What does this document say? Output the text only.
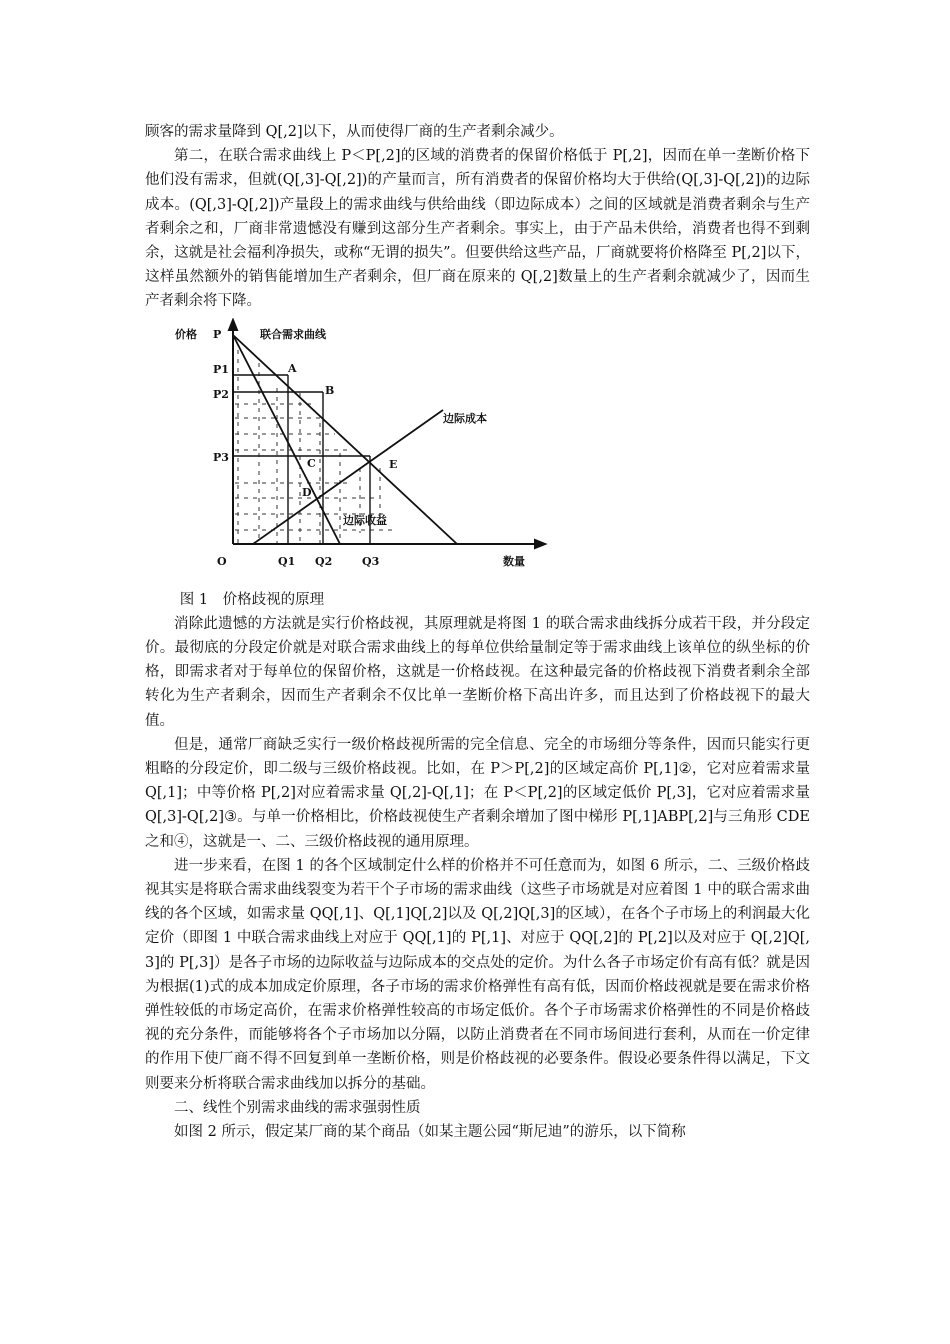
顾客的需求量降到 Q[,2]以下，从而使得厂商的生产者剩余减少。

第二，在联合需求曲线上 P＜P[,2]的区域的消费者的保留价格低于 P[,2]，因而在单一垄断价格下他们没有需求，但就(Q[,3]-Q[,2])的产量而言，所有消费者的保留价格均大于供给(Q[,3]-Q[,2])的边际成本。(Q[,3]-Q[,2])产量段上的需求曲线与供给曲线（即边际成本）之间的区域就是消费者剩余与生产者剩余之和，厂商非常遗憾没有赚到这部分生产者剩余。事实上，由于产品未供给，消费者也得不到剩余，这就是社会福利净损失，或称“无谓的损失”。但要供给这些产品，厂商就要将价格降至 P[,2]以下，这样虽然额外的销售能增加生产者剩余，但厂商在原来的 Q[,2]数量上的生产者剩余就减少了，因而生产者剩余将下降。

价格 P
P1
P2
P3
O	Q1 Q2	Q3	数量
联合需求曲线
边际成本
边际收益
A
B
C
D
E

图 1　价格歧视的原理

消除此遗憾的方法就是实行价格歧视，其原理就是将图 1 的联合需求曲线拆分成若干段，并分段定价。最彻底的分段定价就是对联合需求曲线上的每单位供给量制定等于需求曲线上该单位的纵坐标的价格，即需求者对于每单位的保留价格，这就是一价格歧视。在这种最完备的价格歧视下消费者剩余全部转化为生产者剩余，因而生产者剩余不仅比单一垄断价格下高出许多，而且达到了价格歧视下的最大值。

但是，通常厂商缺乏实行一级价格歧视所需的完全信息、完全的市场细分等条件，因而只能实行更粗略的分段定价，即二级与三级价格歧视。比如，在 P＞P[,2]的区域定高价 P[,1]②，它对应着需求量 Q[,1]；中等价格 P[,2]对应着需求量 Q[,2]-Q[,1]；在 P＜P[,2]的区域定低价 P[,3]，它对应着需求量 Q[,3]-Q[,2]③。与单一价格相比，价格歧视使生产者剩余增加了图中梯形 P[,1]ABP[,2]与三角形 CDE 之和④，这就是一、二、三级价格歧视的通用原理。

进一步来看，在图 1 的各个区域制定什么样的价格并不可任意而为，如图 6 所示，二、三级价格歧视其实是将联合需求曲线裂变为若干个子市场的需求曲线（这些子市场就是对应着图 1 中的联合需求曲线的各个区域，如需求量 QQ[,1]、Q[,1]Q[,2]以及 Q[,2]Q[,3]的区域），在各个子市场上的利润最大化定价（即图 1 中联合需求曲线上对应于 QQ[,1]的 P[,1]、对应于 QQ[,2]的 P[,2]以及对应于 Q[,2]Q[,3]的 P[,3]）是各子市场的边际收益与边际成本的交点处的定价。为什么各子市场定价有高有低？就是因为根据(1)式的成本加成定价原理，各子市场的需求价格弹性有高有低，因而价格歧视就是要在需求价格弹性较低的市场定高价，在需求价格弹性较高的市场定低价。各个子市场需求价格弹性的不同是价格歧视的充分条件，而能够将各个子市场加以分隔，以防止消费者在不同市场间进行套利，从而在一价定律的作用下使厂商不得不回复到单一垄断价格，则是价格歧视的必要条件。假设必要条件得以满足，下文则要来分析将联合需求曲线加以拆分的基础。

二、线性个别需求曲线的需求强弱性质

如图 2 所示，假定某厂商的某个商品（如某主题公园“斯尼迪”的游乐，以下简称
